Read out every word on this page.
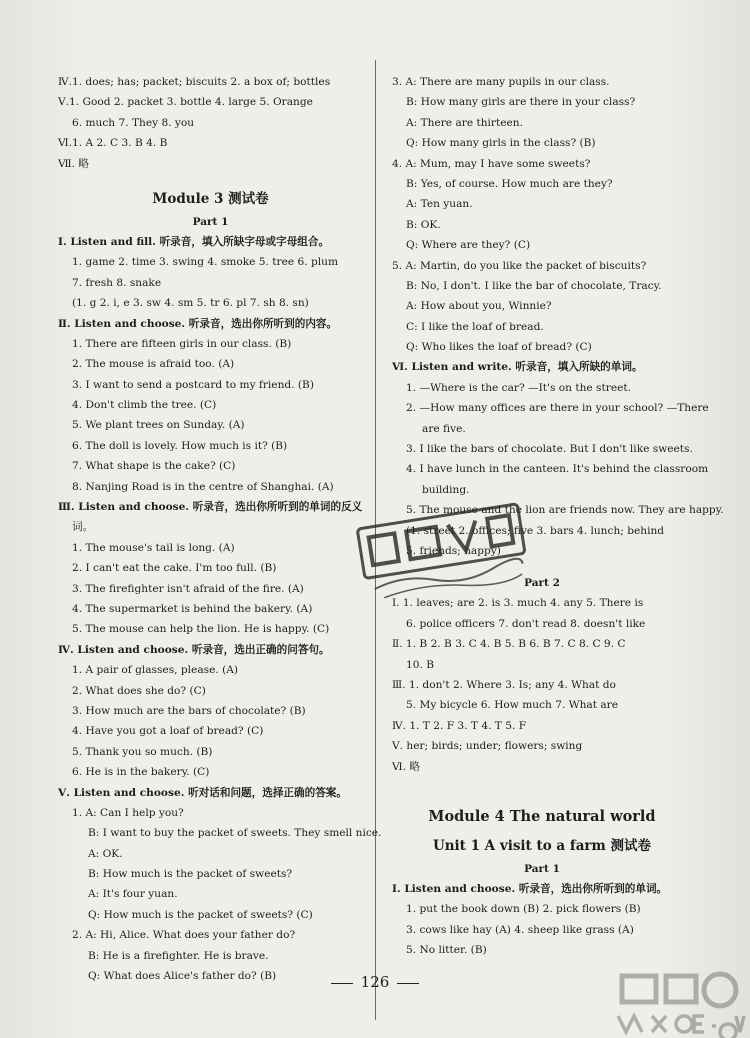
Ⅳ.1. does; has; packet; biscuits 2. a box of; bottles
Ⅴ.1. Good 2. packet 3. bottle 4. large 5. Orange
6. much 7. They 8. you
Ⅵ.1. A 2. C 3. B 4. B
Ⅶ. 略
Module 3 测试卷
Part 1
Ⅰ. Listen and fill. 听录音，填入所缺字母或字母组合。
1. game 2. time 3. swing 4. smoke 5. tree 6. plum
7. fresh 8. snake
(1. g 2. i, e 3. sw 4. sm 5. tr 6. pl 7. sh 8. sn)
Ⅱ. Listen and choose. 听录音，选出你所听到的内容。
1. There are fifteen girls in our class. (B)
2. The mouse is afraid too. (A)
3. I want to send a postcard to my friend. (B)
4. Don't climb the tree. (C)
5. We plant trees on Sunday. (A)
6. The doll is lovely. How much is it? (B)
7. What shape is the cake? (C)
8. Nanjing Road is in the centre of Shanghai. (A)
Ⅲ. Listen and choose. 听录音，选出你所听到的单词的反义
词。
1. The mouse's tail is long. (A)
2. I can't eat the cake. I'm too full. (B)
3. The firefighter isn't afraid of the fire. (A)
4. The supermarket is behind the bakery. (A)
5. The mouse can help the lion. He is happy. (C)
Ⅳ. Listen and choose. 听录音，选出正确的问答句。
1. A pair of glasses, please. (A)
2. What does she do? (C)
3. How much are the bars of chocolate? (B)
4. Have you got a loaf of bread? (C)
5. Thank you so much. (B)
6. He is in the bakery. (C)
Ⅴ. Listen and choose. 听对话和问题，选择正确的答案。
1. A: Can I help you?
B: I want to buy the packet of sweets. They smell nice.
A: OK.
B: How much is the packet of sweets?
A: It's four yuan.
Q: How much is the packet of sweets? (C)
2. A: Hi, Alice. What does your father do?
B: He is a firefighter. He is brave.
Q: What does Alice's father do? (B)
3. A: There are many pupils in our class.
B: How many girls are there in your class?
A: There are thirteen.
Q: How many girls in the class? (B)
4. A: Mum, may I have some sweets?
B: Yes, of course. How much are they?
A: Ten yuan.
B: OK.
Q: Where are they? (C)
5. A: Martin, do you like the packet of biscuits?
B: No, I don't. I like the bar of chocolate, Tracy.
A: How about you, Winnie?
C: I like the loaf of bread.
Q: Who likes the loaf of bread? (C)
Ⅵ. Listen and write. 听录音，填入所缺的单词。
1. —Where is the car? —It's on the street.
2. —How many offices are there in your school? —There
are five.
3. I like the bars of chocolate. But I don't like sweets.
4. I have lunch in the canteen. It's behind the classroom
building.
5. The mouse and the lion are friends now. They are happy.
(1. street 2. offices; five 3. bars 4. lunch; behind
5. friends; happy)
Part 2
Ⅰ. 1. leaves; are 2. is 3. much 4. any 5. There is
6. police officers 7. don't read 8. doesn't like
Ⅱ. 1. B 2. B 3. C 4. B 5. B 6. B 7. C 8. C 9. C
10. B
Ⅲ. 1. don't 2. Where 3. Is; any 4. What do
5. My bicycle 6. How much 7. What are
Ⅳ. 1. T 2. F 3. T 4. T 5. F
Ⅴ. her; birds; under; flowers; swing
Ⅵ. 略
Module 4 The natural world
Unit 1 A visit to a farm 测试卷
Part 1
Ⅰ. Listen and choose. 听录音，选出你所听到的单词。
1. put the book down (B) 2. pick flowers (B)
3. cows like hay (A) 4. sheep like grass (A)
5. No litter. (B)
126
